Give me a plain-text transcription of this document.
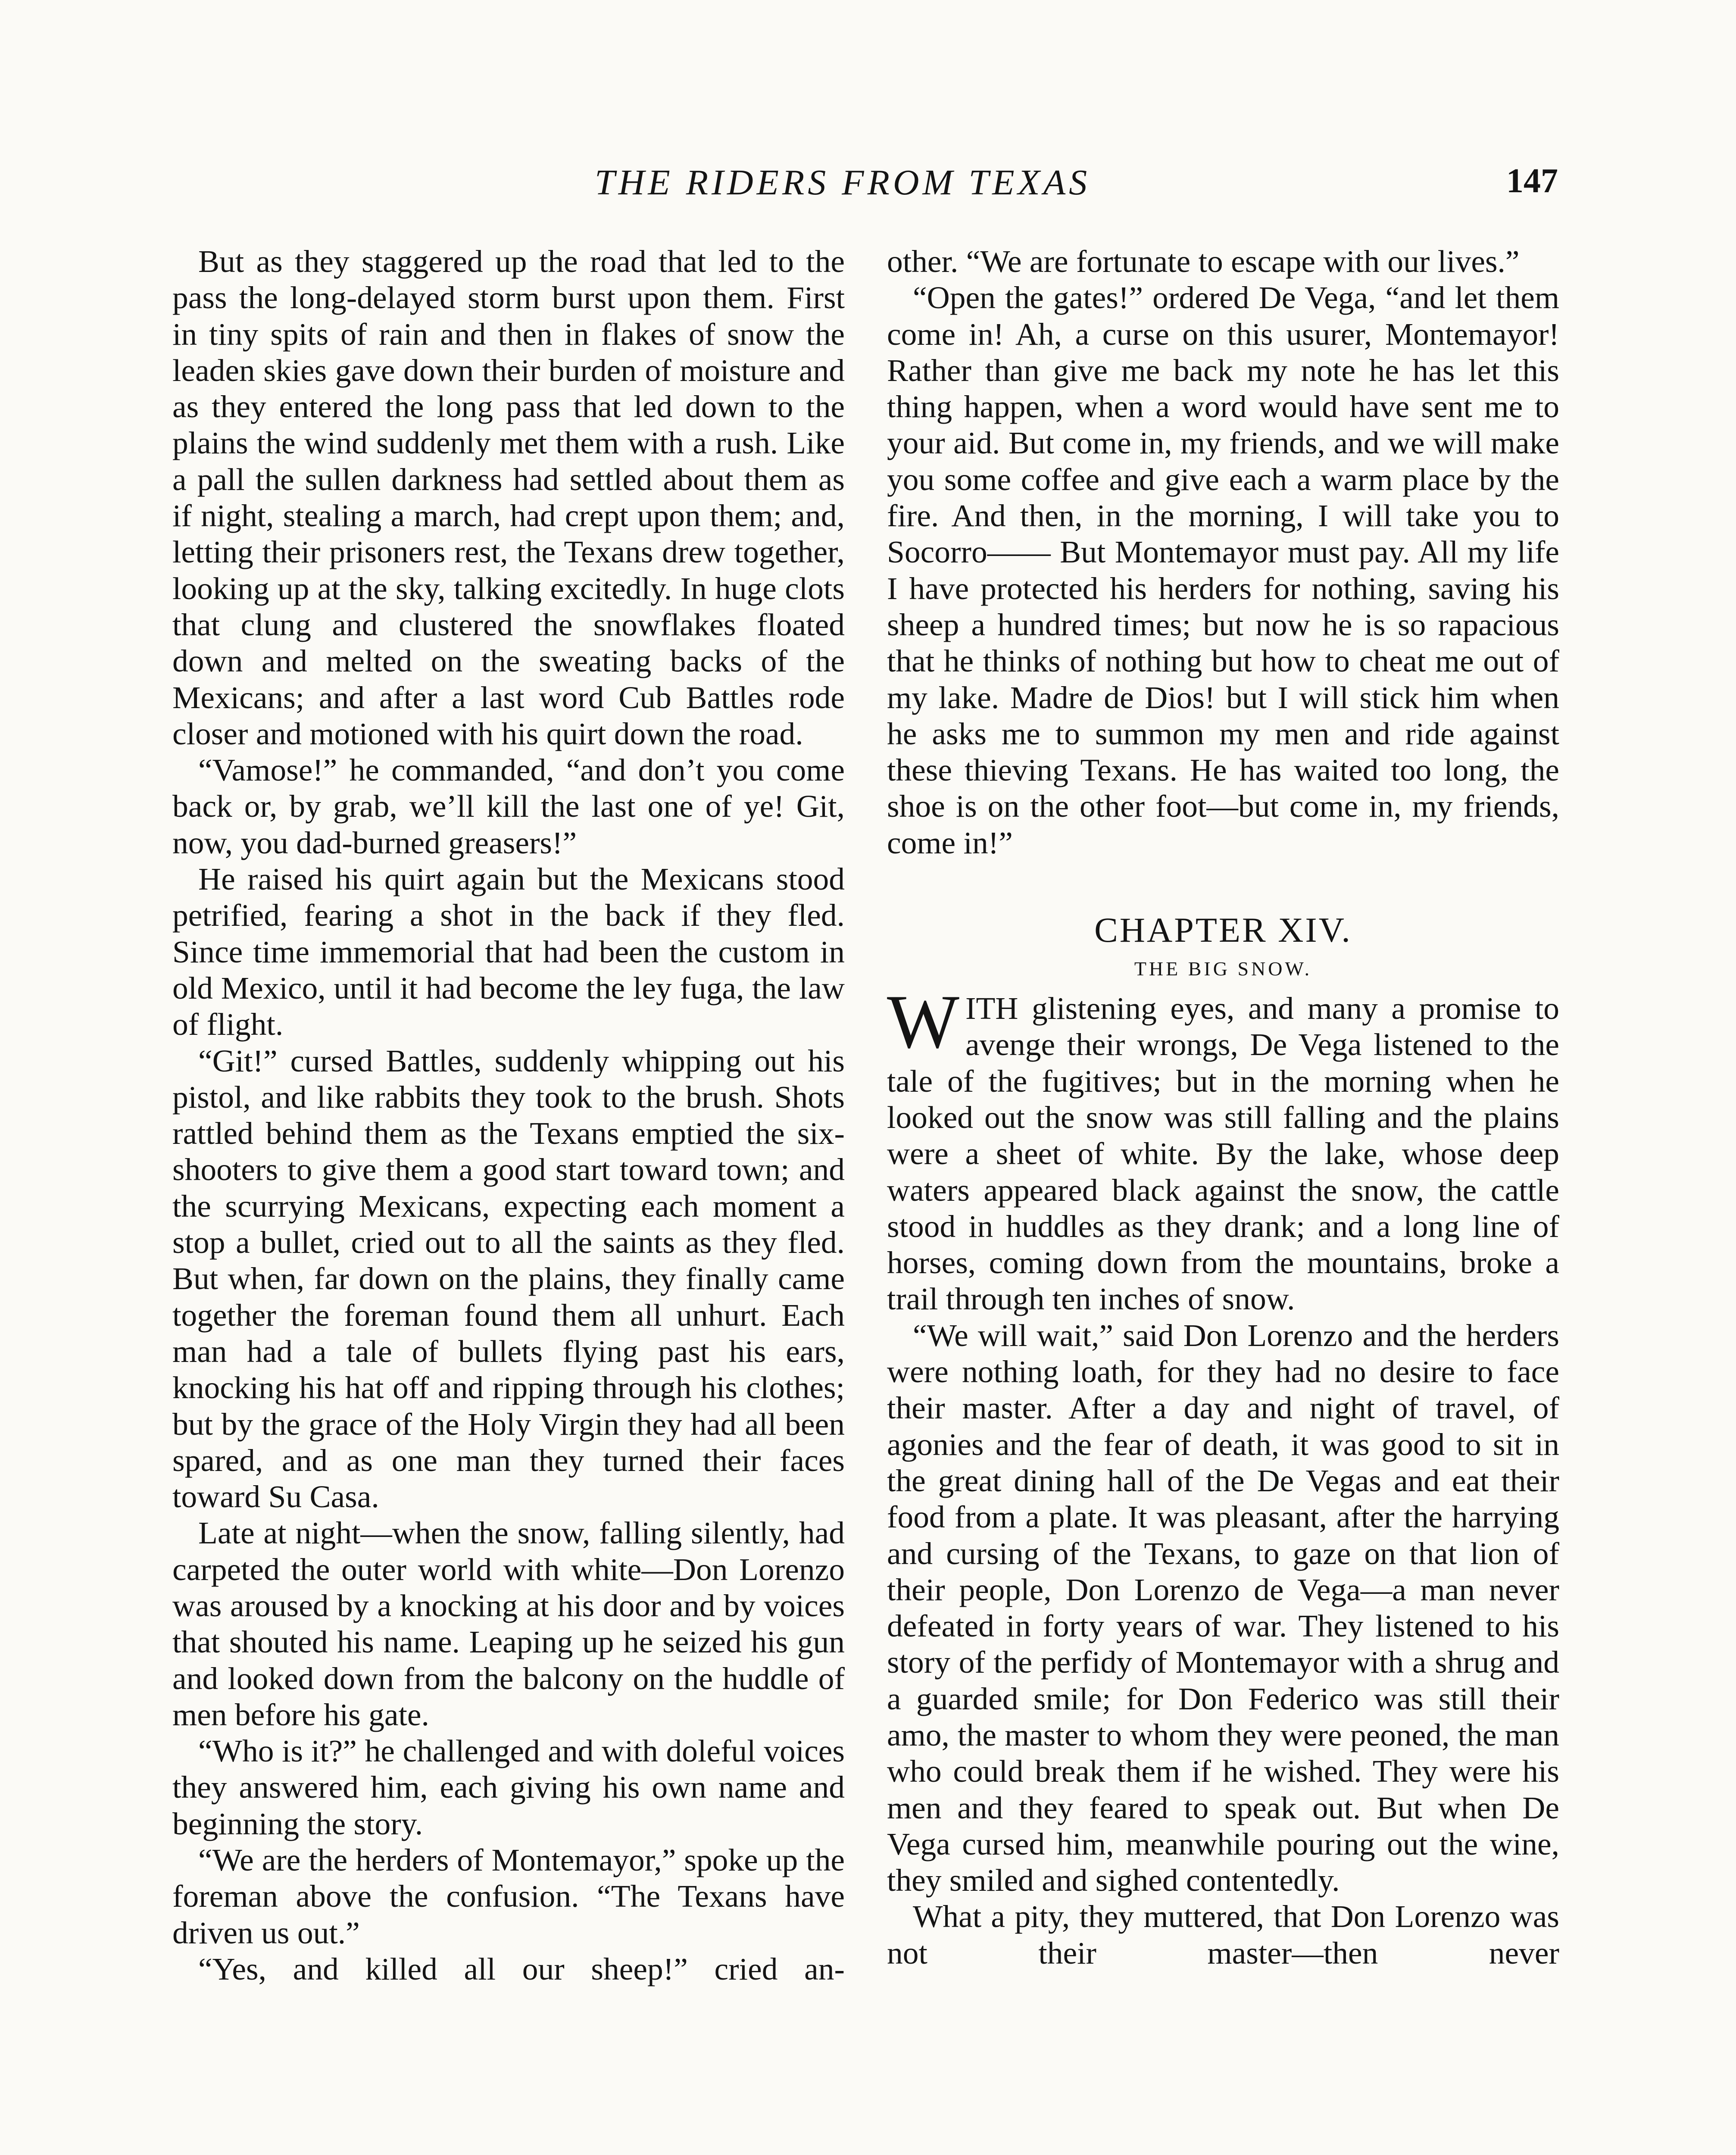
THE RIDERS FROM TEXAS	147

But as they staggered up the road that led to the pass the long-delayed storm burst upon them. First in tiny spits of rain and then in flakes of snow the leaden skies gave down their burden of moisture and as they entered the long pass that led down to the plains the wind suddenly met them with a rush. Like a pall the sullen darkness had settled about them as if night, stealing a march, had crept upon them; and, letting their prisoners rest, the Texans drew together, looking up at the sky, talking excitedly. In huge clots that clung and clustered the snowflakes floated down and melted on the sweating backs of the Mexicans; and after a last word Cub Battles rode closer and motioned with his quirt down the road.

“Vamose!” he commanded, “and don’t you come back or, by grab, we’ll kill the last one of ye! Git, now, you dad-burned greasers!”

He raised his quirt again but the Mexicans stood petrified, fearing a shot in the back if they fled. Since time immemorial that had been the custom in old Mexico, until it had become the ley fuga, the law of flight.

“Git!” cursed Battles, suddenly whipping out his pistol, and like rabbits they took to the brush. Shots rattled behind them as the Texans emptied the six-shooters to give them a good start toward town; and the scurrying Mexicans, expecting each moment a stop a bullet, cried out to all the saints as they fled. But when, far down on the plains, they finally came together the foreman found them all unhurt. Each man had a tale of bullets flying past his ears, knocking his hat off and ripping through his clothes; but by the grace of the Holy Virgin they had all been spared, and as one man they turned their faces toward Su Casa.

Late at night—when the snow, falling silently, had carpeted the outer world with white—Don Lorenzo was aroused by a knocking at his door and by voices that shouted his name. Leaping up he seized his gun and looked down from the balcony on the huddle of men before his gate.

“Who is it?” he challenged and with doleful voices they answered him, each giving his own name and beginning the story.

“We are the herders of Montemayor,” spoke up the foreman above the confusion. “The Texans have driven us out.”

“Yes, and killed all our sheep!” cried an-

other. “We are fortunate to escape with our lives.”

“Open the gates!” ordered De Vega, “and let them come in! Ah, a curse on this usurer, Montemayor! Rather than give me back my note he has let this thing happen, when a word would have sent me to your aid. But come in, my friends, and we will make you some coffee and give each a warm place by the fire. And then, in the morning, I will take you to Socorro—— But Montemayor must pay. All my life I have protected his herders for nothing, saving his sheep a hundred times; but now he is so rapacious that he thinks of nothing but how to cheat me out of my lake. Madre de Dios! but I will stick him when he asks me to summon my men and ride against these thieving Texans. He has waited too long, the shoe is on the other foot—but come in, my friends, come in!”

CHAPTER XIV.

THE BIG SNOW.

WITH glistening eyes, and many a promise to avenge their wrongs, De Vega listened to the tale of the fugitives; but in the morning when he looked out the snow was still falling and the plains were a sheet of white. By the lake, whose deep waters appeared black against the snow, the cattle stood in huddles as they drank; and a long line of horses, coming down from the mountains, broke a trail through ten inches of snow.

“We will wait,” said Don Lorenzo and the herders were nothing loath, for they had no desire to face their master. After a day and night of travel, of agonies and the fear of death, it was good to sit in the great dining hall of the De Vegas and eat their food from a plate. It was pleasant, after the harrying and cursing of the Texans, to gaze on that lion of their people, Don Lorenzo de Vega—a man never defeated in forty years of war. They listened to his story of the perfidy of Montemayor with a shrug and a guarded smile; for Don Federico was still their amo, the master to whom they were peoned, the man who could break them if he wished. They were his men and they feared to speak out. But when De Vega cursed him, meanwhile pouring out the wine, they smiled and sighed contentedly.

What a pity, they muttered, that Don Lorenzo was not their master—then never
